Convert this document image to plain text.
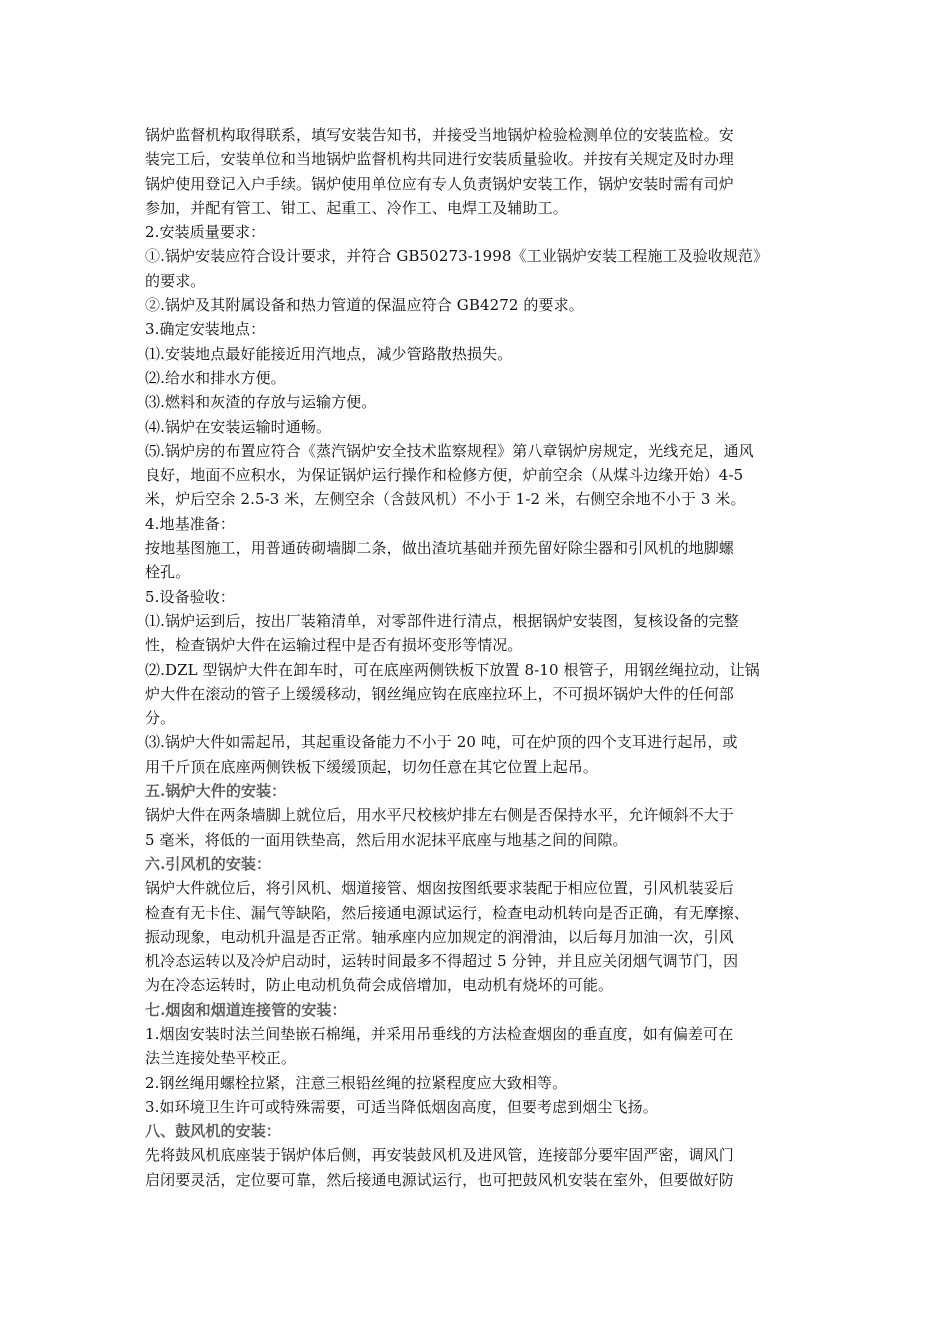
锅炉监督机构取得联系，填写安装告知书，并接受当地锅炉检验检测单位的安装监检。安
装完工后，安装单位和当地锅炉监督机构共同进行安装质量验收。并按有关规定及时办理
锅炉使用登记入户手续。锅炉使用单位应有专人负责锅炉安装工作，锅炉安装时需有司炉
参加，并配有管工、钳工、起重工、冷作工、电焊工及辅助工。
2.安装质量要求：
①.锅炉安装应符合设计要求，并符合 GB50273-1998《工业锅炉安装工程施工及验收规范》
的要求。
②.锅炉及其附属设备和热力管道的保温应符合 GB4272 的要求。
3.确定安装地点：
⑴.安装地点最好能接近用汽地点，减少管路散热损失。
⑵.给水和排水方便。
⑶.燃料和灰渣的存放与运输方便。
⑷.锅炉在安装运输时通畅。
⑸.锅炉房的布置应符合《蒸汽锅炉安全技术监察规程》第八章锅炉房规定，光线充足，通风
良好，地面不应积水，为保证锅炉运行操作和检修方便，炉前空余（从煤斗边缘开始）4-5
米，炉后空余 2.5-3 米，左侧空余（含鼓风机）不小于 1-2 米，右侧空余地不小于 3 米。
4.地基准备：
按地基图施工，用普通砖砌墙脚二条，做出渣坑基础并预先留好除尘器和引风机的地脚螺
栓孔。
5.设备验收：
⑴.锅炉运到后，按出厂装箱清单，对零部件进行清点，根据锅炉安装图，复核设备的完整
性，检查锅炉大件在运输过程中是否有损坏变形等情况。
⑵.DZL 型锅炉大件在卸车时，可在底座两侧铁板下放置 8-10 根管子，用钢丝绳拉动，让锅
炉大件在滚动的管子上缓缓移动，钢丝绳应钩在底座拉环上，不可损坏锅炉大件的任何部
分。
⑶.锅炉大件如需起吊，其起重设备能力不小于 20 吨，可在炉顶的四个支耳进行起吊，或
用千斤顶在底座两侧铁板下缓缓顶起，切勿任意在其它位置上起吊。
五.锅炉大件的安装：
锅炉大件在两条墙脚上就位后，用水平尺校核炉排左右侧是否保持水平，允许倾斜不大于
5 毫米，将低的一面用铁垫高，然后用水泥抹平底座与地基之间的间隙。
六.引风机的安装：
锅炉大件就位后，将引风机、烟道接管、烟囱按图纸要求装配于相应位置，引风机装妥后
检查有无卡住、漏气等缺陷，然后接通电源试运行，检查电动机转向是否正确，有无摩擦、
振动现象，电动机升温是否正常。轴承座内应加规定的润滑油，以后每月加油一次，引风
机冷态运转以及冷炉启动时，运转时间最多不得超过 5 分钟，并且应关闭烟气调节门，因
为在冷态运转时，防止电动机负荷会成倍增加，电动机有烧坏的可能。
七.烟囱和烟道连接管的安装：
1.烟囱安装时法兰间垫嵌石棉绳，并采用吊垂线的方法检查烟囱的垂直度，如有偏差可在
法兰连接处垫平校正。
2.钢丝绳用螺栓拉紧，注意三根铅丝绳的拉紧程度应大致相等。
3.如环境卫生许可或特殊需要，可适当降低烟囱高度，但要考虑到烟尘飞扬。
八、鼓风机的安装：
先将鼓风机底座装于锅炉体后侧，再安装鼓风机及进风管，连接部分要牢固严密，调风门
启闭要灵活，定位要可靠，然后接通电源试运行，也可把鼓风机安装在室外，但要做好防
